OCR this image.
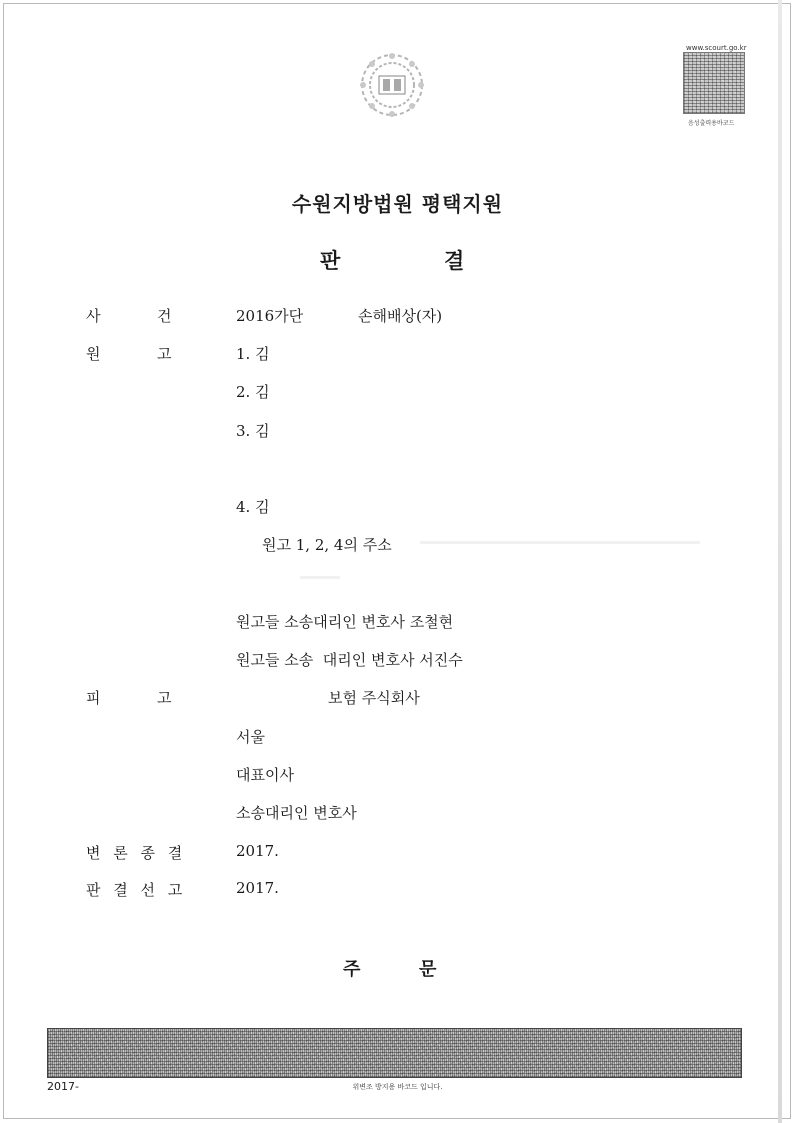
www.scourt.go.kr
음성출력용바코드
수원지방법원 평택지원
판	결
사	건	2016가단	손해배상(자)
원	고	1. 김
2. 김
3. 김
4. 김
원고 1, 2, 4의 주소
원고들 소송대리인 변호사 조철현
원고들 소송  대리인 변호사 서진수
피	고	보험 주식회사
서울
대표이사
소송대리인 변호사
변 론 종 결	2017.
판 결 선 고	2017.
주	문
2017-	위변조 방지용 바코드 입니다.
